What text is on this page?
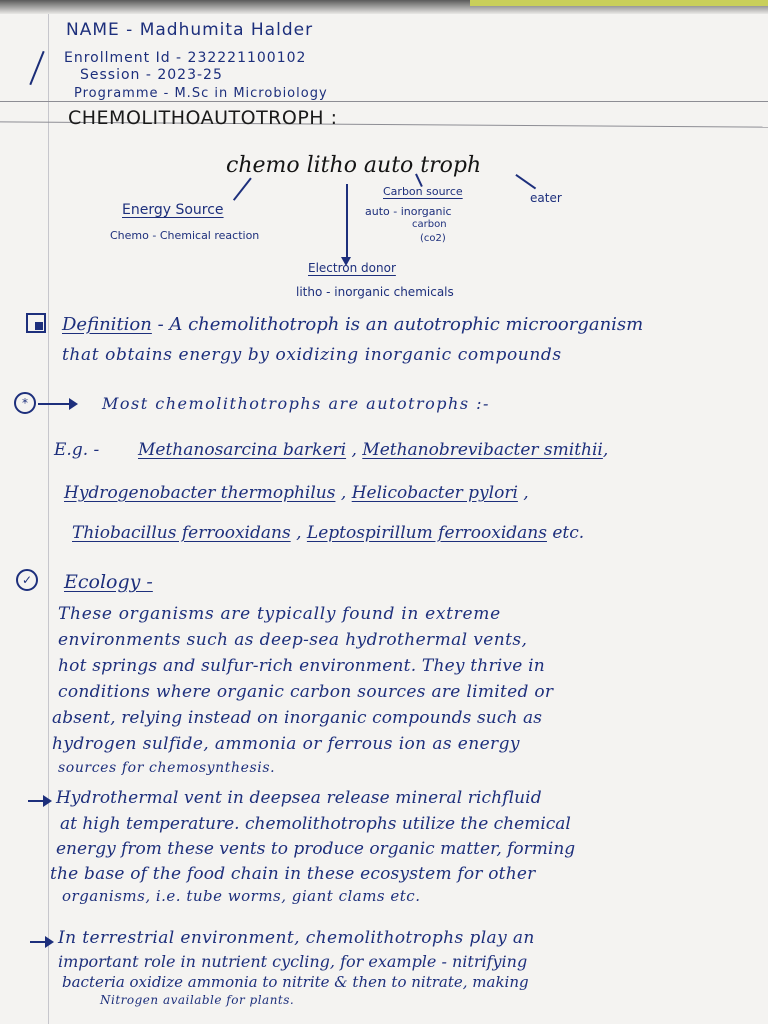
NAME - Madhumita Halder
Enrollment Id - 232221100102
Session - 2023-25
Programme - M.Sc in Microbiology
CHEMOLITHOAUTOTROPH :
chemo litho auto troph
Energy Source
Chemo - Chemical reaction
Carbon source
auto - inorganic
carbon
(co2)
eater
Electron donor
litho - inorganic chemicals
Definition - A chemolithotroph is an autotrophic microorganism
that obtains energy by oxidizing inorganic compounds
*	Most chemolithotrophs are autotrophs :-
E.g. - Methanosarcina barkeri , Methanobrevibacter smithii,
Hydrogenobacter thermophilus , Helicobacter pylori ,
Thiobacillus ferrooxidans , Leptospirillum ferrooxidans etc.
✓	Ecology -
These organisms are typically found in extreme
environments such as deep-sea hydrothermal vents,
hot springs and sulfur-rich environment. They thrive in
conditions where organic carbon sources are limited or
absent, relying instead on inorganic compounds such as
hydrogen sulfide, ammonia or ferrous ion as energy
sources for chemosynthesis.
Hydrothermal vent in deepsea release mineral richfluid
at high temperature. chemolithotrophs utilize the chemical
energy from these vents to produce organic matter, forming
the base of the food chain in these ecosystem for other
organisms, i.e. tube worms, giant clams etc.
In terrestrial environment, chemolithotrophs play an
important role in nutrient cycling, for example - nitrifying
bacteria oxidize ammonia to nitrite & then to nitrate, making
Nitrogen available for plants.
